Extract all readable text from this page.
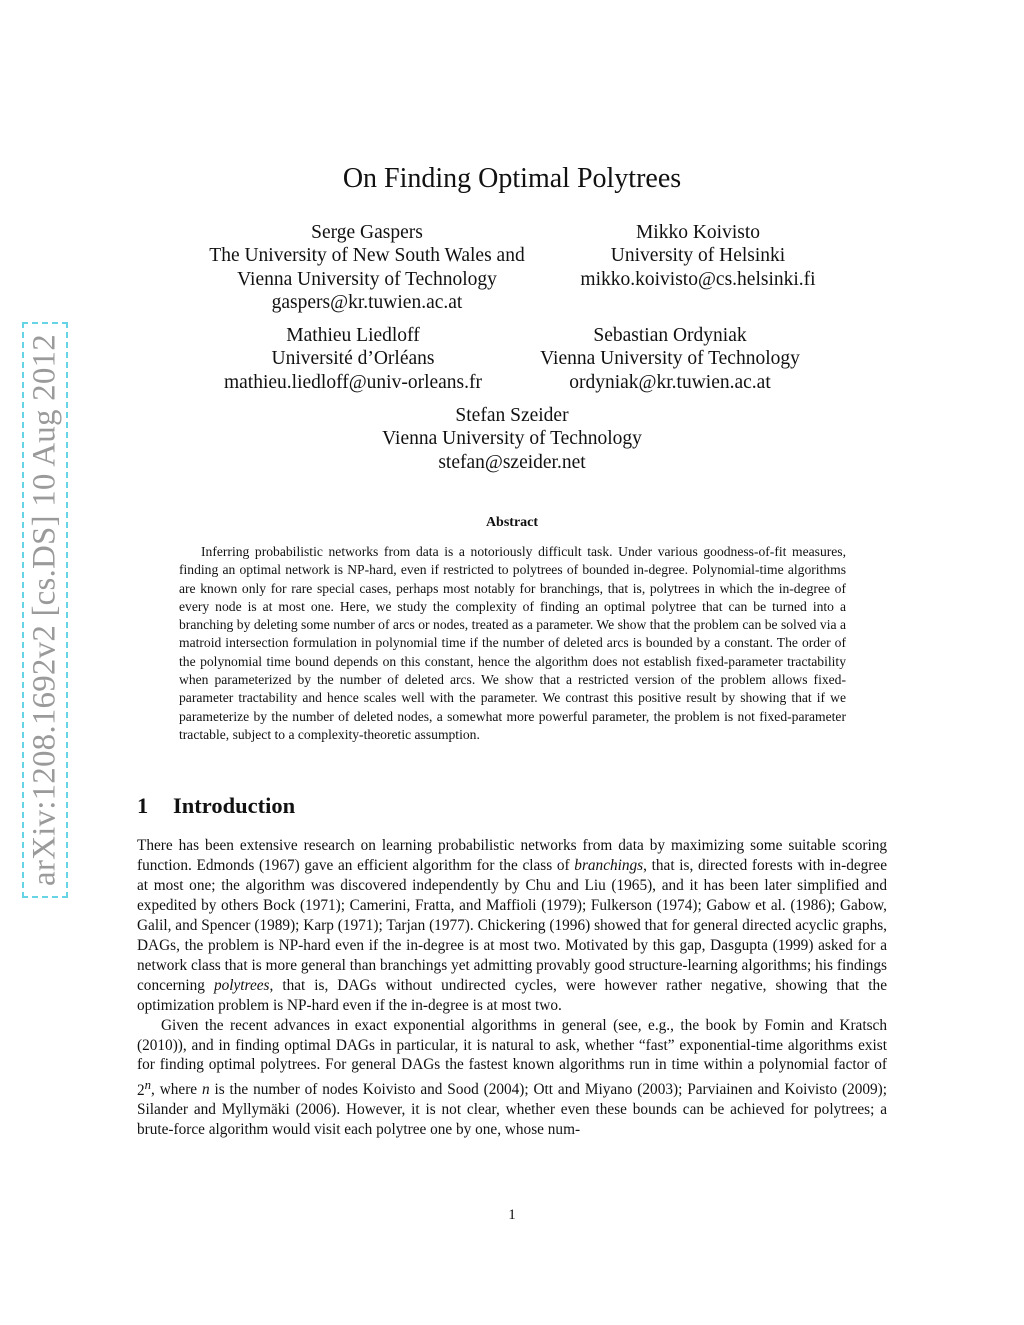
arXiv:1208.1692v2 [cs.DS] 10 Aug 2012
On Finding Optimal Polytrees
Serge Gaspers
The University of New South Wales and
Vienna University of Technology
gaspers@kr.tuwien.ac.at
Mikko Koivisto
University of Helsinki
mikko.koivisto@cs.helsinki.fi
Mathieu Liedloff
Université d’Orléans
mathieu.liedloff@univ-orleans.fr
Sebastian Ordyniak
Vienna University of Technology
ordyniak@kr.tuwien.ac.at
Stefan Szeider
Vienna University of Technology
stefan@szeider.net
Abstract
Inferring probabilistic networks from data is a notoriously difficult task. Under various goodness-of-fit measures, finding an optimal network is NP-hard, even if restricted to polytrees of bounded in-degree. Polynomial-time algorithms are known only for rare special cases, perhaps most notably for branchings, that is, polytrees in which the in-degree of every node is at most one. Here, we study the complexity of finding an optimal polytree that can be turned into a branching by deleting some number of arcs or nodes, treated as a parameter. We show that the problem can be solved via a matroid intersection formulation in polynomial time if the number of deleted arcs is bounded by a constant. The order of the polynomial time bound depends on this constant, hence the algorithm does not establish fixed-parameter tractability when parameterized by the number of deleted arcs. We show that a restricted version of the problem allows fixed-parameter tractability and hence scales well with the parameter. We contrast this positive result by showing that if we parameterize by the number of deleted nodes, a somewhat more powerful parameter, the problem is not fixed-parameter tractable, subject to a complexity-theoretic assumption.
1 Introduction

There has been extensive research on learning probabilistic networks from data by maximizing some suitable scoring function. Edmonds (1967) gave an efficient algorithm for the class of branchings, that is, directed forests with in-degree at most one; the algorithm was discovered independently by Chu and Liu (1965), and it has been later simplified and expedited by others Bock (1971); Camerini, Fratta, and Maffioli (1979); Fulkerson (1974); Gabow et al. (1986); Gabow, Galil, and Spencer (1989); Karp (1971); Tarjan (1977). Chickering (1996) showed that for general directed acyclic graphs, DAGs, the problem is NP-hard even if the in-degree is at most two. Motivated by this gap, Dasgupta (1999) asked for a network class that is more general than branchings yet admitting provably good structure-learning algorithms; his findings concerning polytrees, that is, DAGs without undirected cycles, were however rather negative, showing that the optimization problem is NP-hard even if the in-degree is at most two.

Given the recent advances in exact exponential algorithms in general (see, e.g., the book by Fomin and Kratsch (2010)), and in finding optimal DAGs in particular, it is natural to ask, whether “fast” exponential-time algorithms exist for finding optimal polytrees. For general DAGs the fastest known algorithms run in time within a polynomial factor of 2$^n$, where n is the number of nodes Koivisto and Sood (2004); Ott and Miyano (2003); Parviainen and Koivisto (2009); Silander and Myllymäki (2006). However, it is not clear, whether even these bounds can be achieved for polytrees; a brute-force algorithm would visit each polytree one by one, whose num-

1
